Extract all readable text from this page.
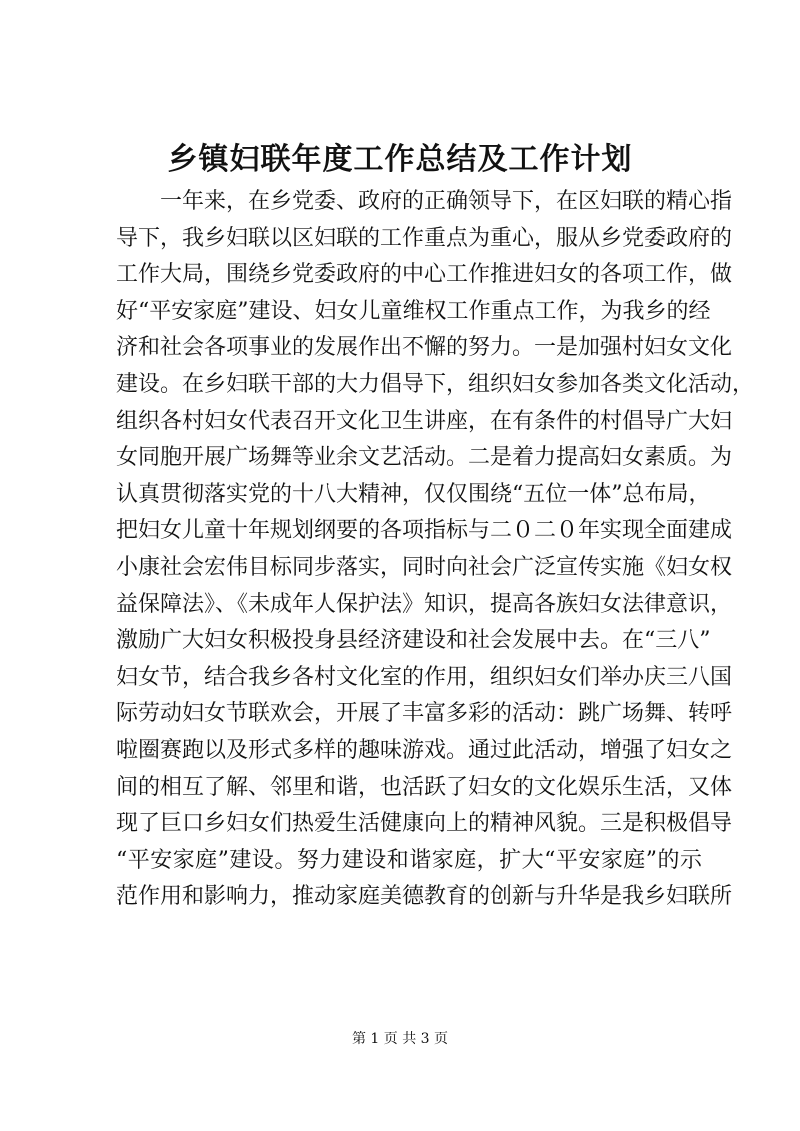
乡镇妇联年度工作总结及工作计划
一年来，在乡党委、政府的正确领导下，在区妇联的精心指
导下，我乡妇联以区妇联的工作重点为重心，服从乡党委政府的
工作大局，围绕乡党委政府的中心工作推进妇女的各项工作，做
好“平安家庭”建设、妇女儿童维权工作重点工作，为我乡的经
济和社会各项事业的发展作出不懈的努力。一是加强村妇女文化
建设。在乡妇联干部的大力倡导下，组织妇女参加各类文化活动，
组织各村妇女代表召开文化卫生讲座，在有条件的村倡导广大妇
女同胞开展广场舞等业余文艺活动。二是着力提高妇女素质。为
认真贯彻落实党的十八大精神，仅仅围绕“五位一体”总布局，
把妇女儿童十年规划纲要的各项指标与二０二０年实现全面建成
小康社会宏伟目标同步落实，同时向社会广泛宣传实施《妇女权
益保障法》、《未成年人保护法》知识，提高各族妇女法律意识，
激励广大妇女积极投身县经济建设和社会发展中去。在“三八”
妇女节，结合我乡各村文化室的作用，组织妇女们举办庆三八国
际劳动妇女节联欢会，开展了丰富多彩的活动：跳广场舞、转呼
啦圈赛跑以及形式多样的趣味游戏。通过此活动，增强了妇女之
间的相互了解、邻里和谐，也活跃了妇女的文化娱乐生活，又体
现了巨口乡妇女们热爱生活健康向上的精神风貌。三是积极倡导
“平安家庭”建设。努力建设和谐家庭，扩大“平安家庭”的示
范作用和影响力，推动家庭美德教育的创新与升华是我乡妇联所
第 1 页 共 3 页
